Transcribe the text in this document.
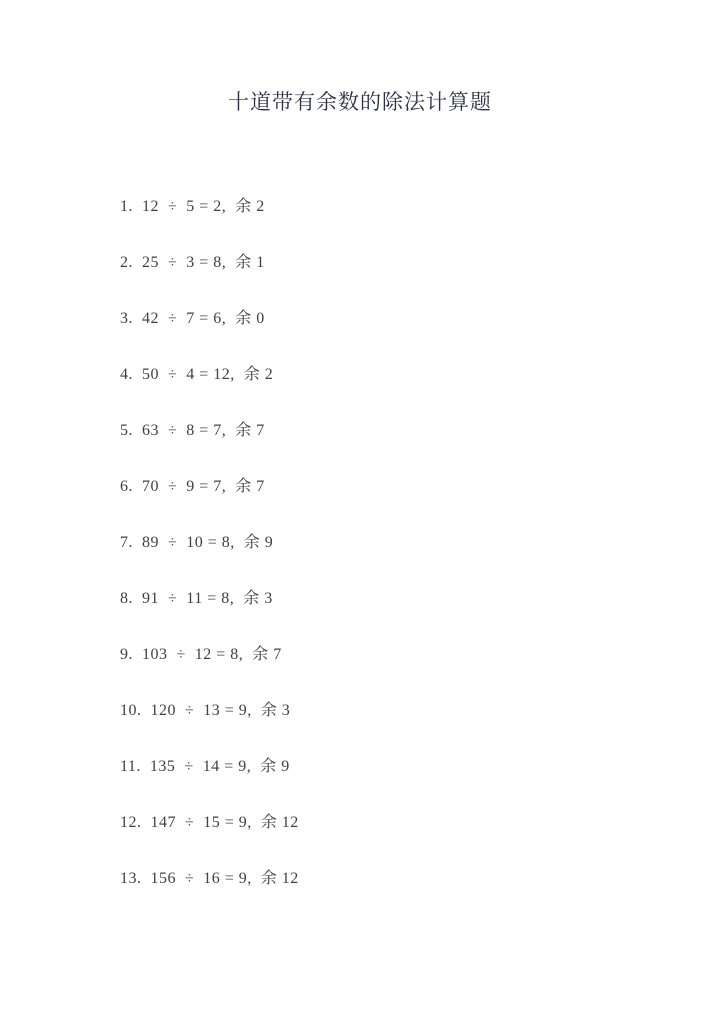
十道带有余数的除法计算题
1.  12  ÷  5 = 2,  余 2
2.  25  ÷  3 = 8,  余 1
3.  42  ÷  7 = 6,  余 0
4.  50  ÷  4 = 12,  余 2
5.  63  ÷  8 = 7,  余 7
6.  70  ÷  9 = 7,  余 7
7.  89  ÷  10 = 8,  余 9
8.  91  ÷  11 = 8,  余 3
9.  103  ÷  12 = 8,  余 7
10.  120  ÷  13 = 9,  余 3
11.  135  ÷  14 = 9,  余 9
12.  147  ÷  15 = 9,  余 12
13.  156  ÷  16 = 9,  余 12
